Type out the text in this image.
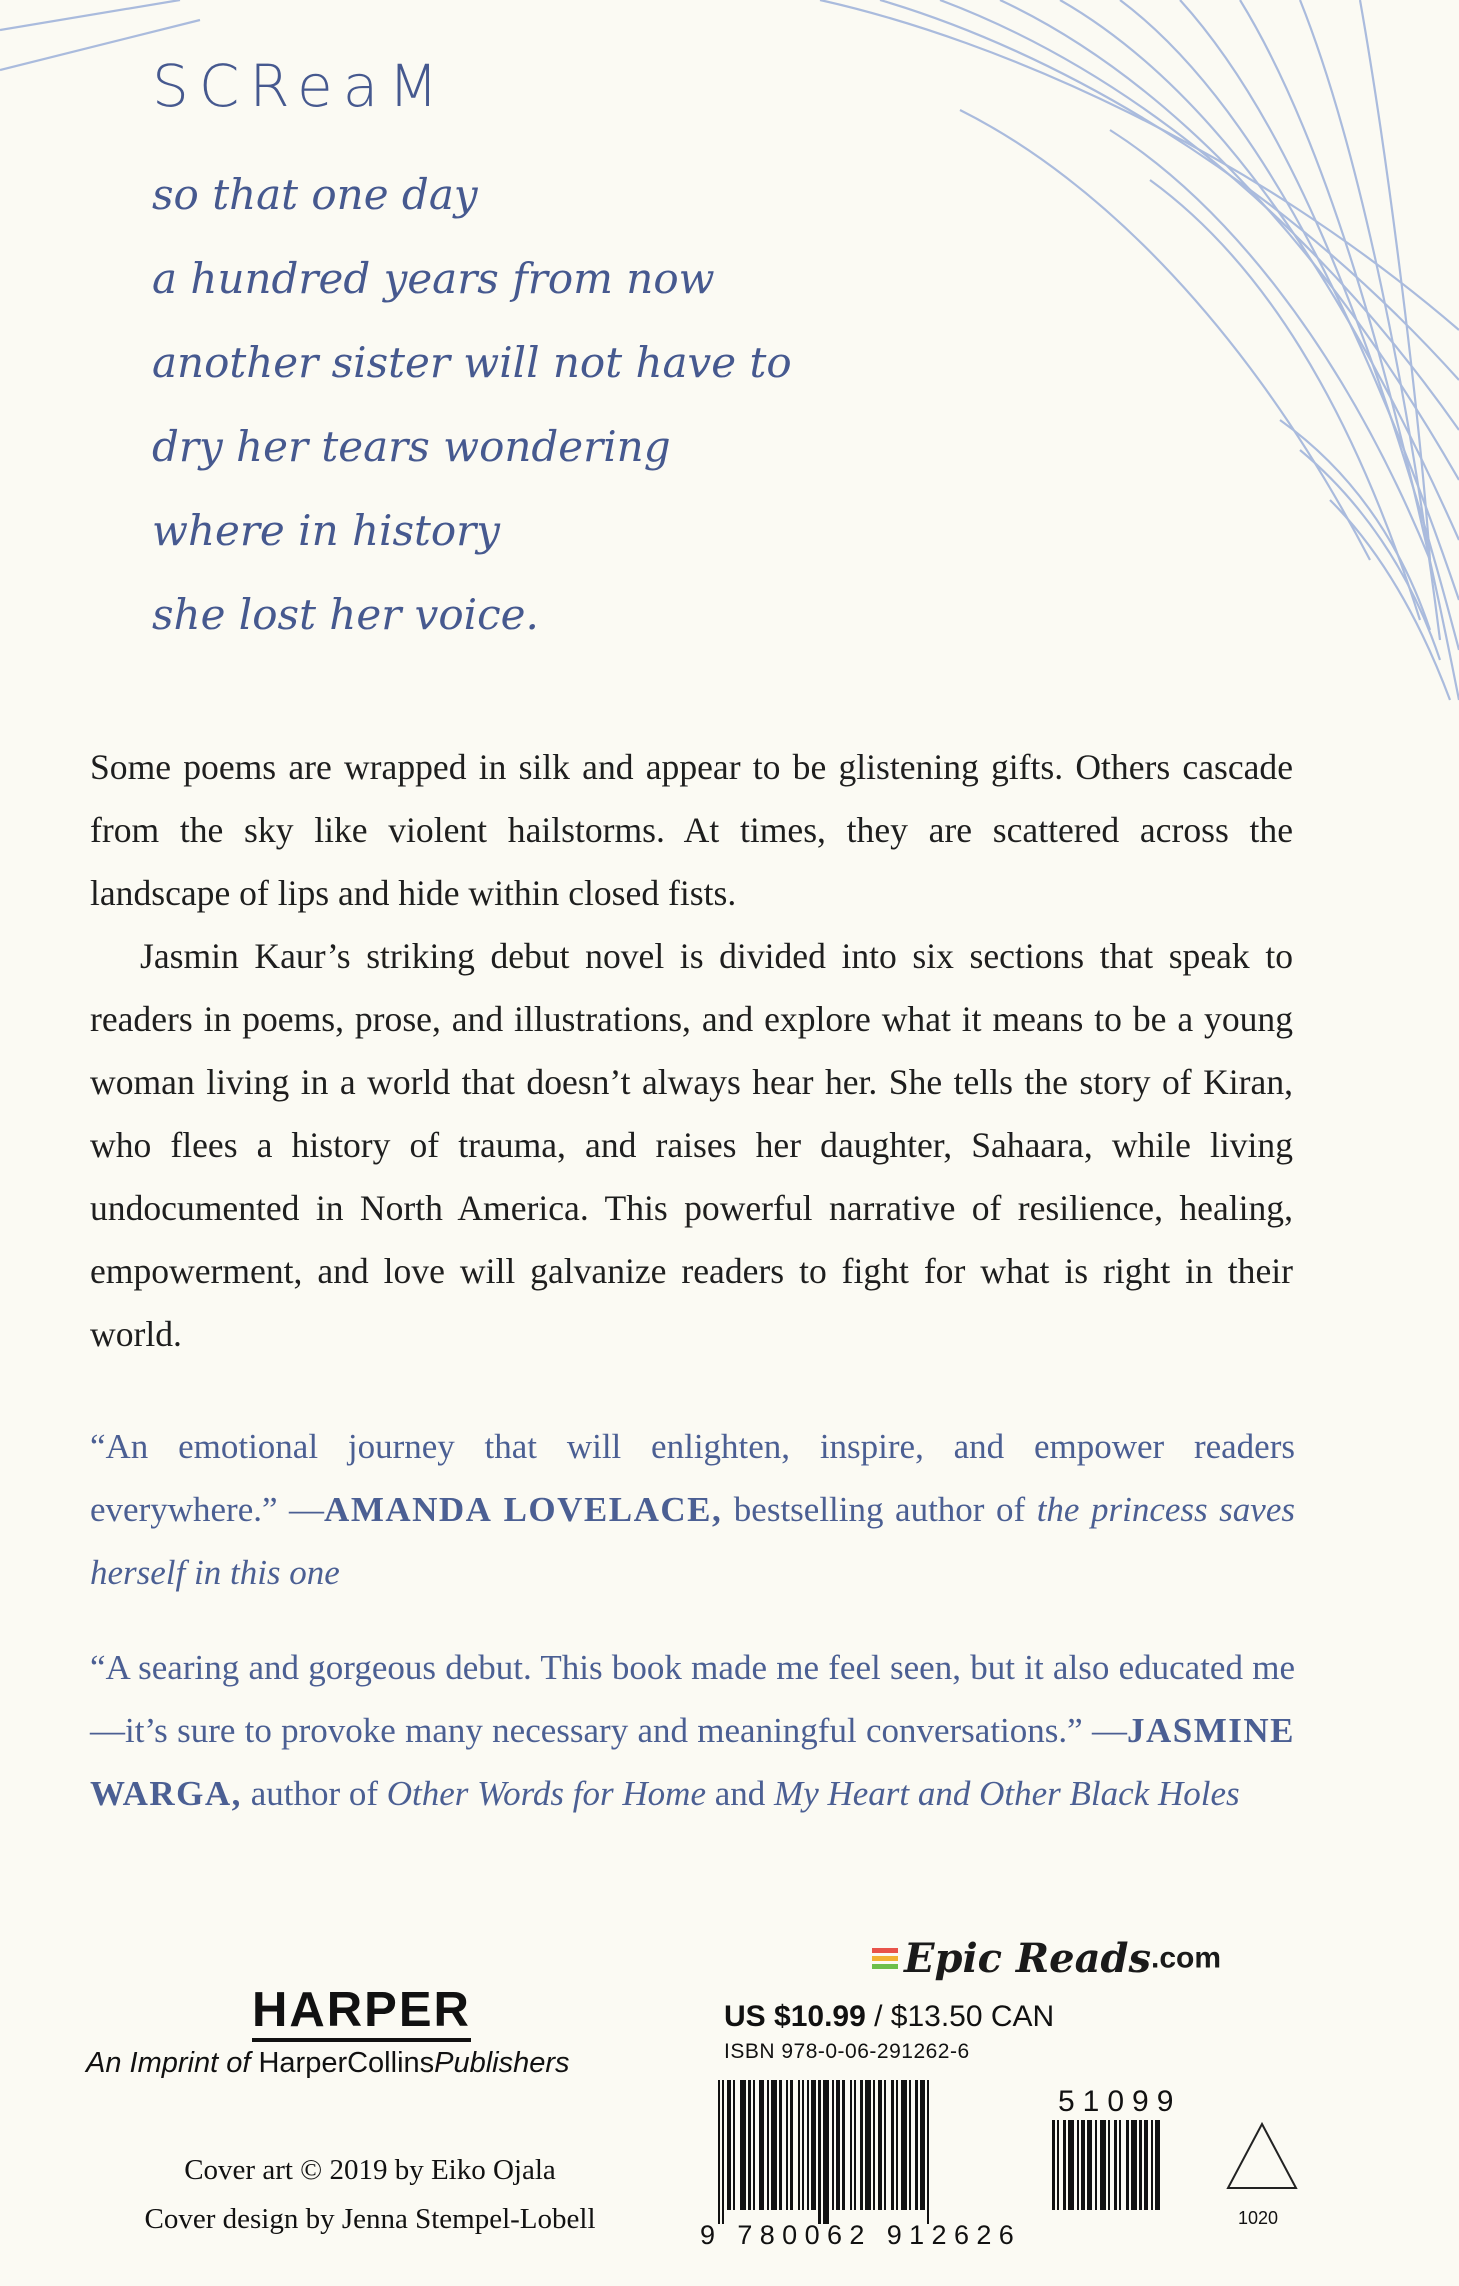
SCReaM
so that one day
a hundred years from now
another sister will not have to
dry her tears wondering
where in history
she lost her voice.

Some poems are wrapped in silk and appear to be glistening gifts. Others cascade from the sky like violent hailstorms. At times, they are scattered across the landscape of lips and hide within closed fists.

Jasmin Kaur’s striking debut novel is divided into six sections that speak to readers in poems, prose, and illustrations, and explore what it means to be a young woman living in a world that doesn’t always hear her. She tells the story of Kiran, who flees a history of trauma, and raises her daughter, Sahaara, while living undocumented in North America. This powerful narrative of resilience, healing, empowerment, and love will galvanize readers to fight for what is right in their world.

“An emotional journey that will enlighten, inspire, and empower readers everywhere.” —AMANDA LOVELACE, bestselling author of the princess saves herself in this one
“A searing and gorgeous debut. This book made me feel seen, but it also educated me—it’s sure to provoke many necessary and meaningful conversations.” —JASMINE WARGA, author of Other Words for Home and My Heart and Other Black Holes
HARPER
An Imprint of HarperCollinsPublishers
Cover art © 2019 by Eiko Ojala
Cover design by Jenna Stempel-Lobell
Epic Reads.com
US $10.99 / $13.50 CAN
ISBN 978-0-06-291262-6
9 780062 912626
51099
1020
